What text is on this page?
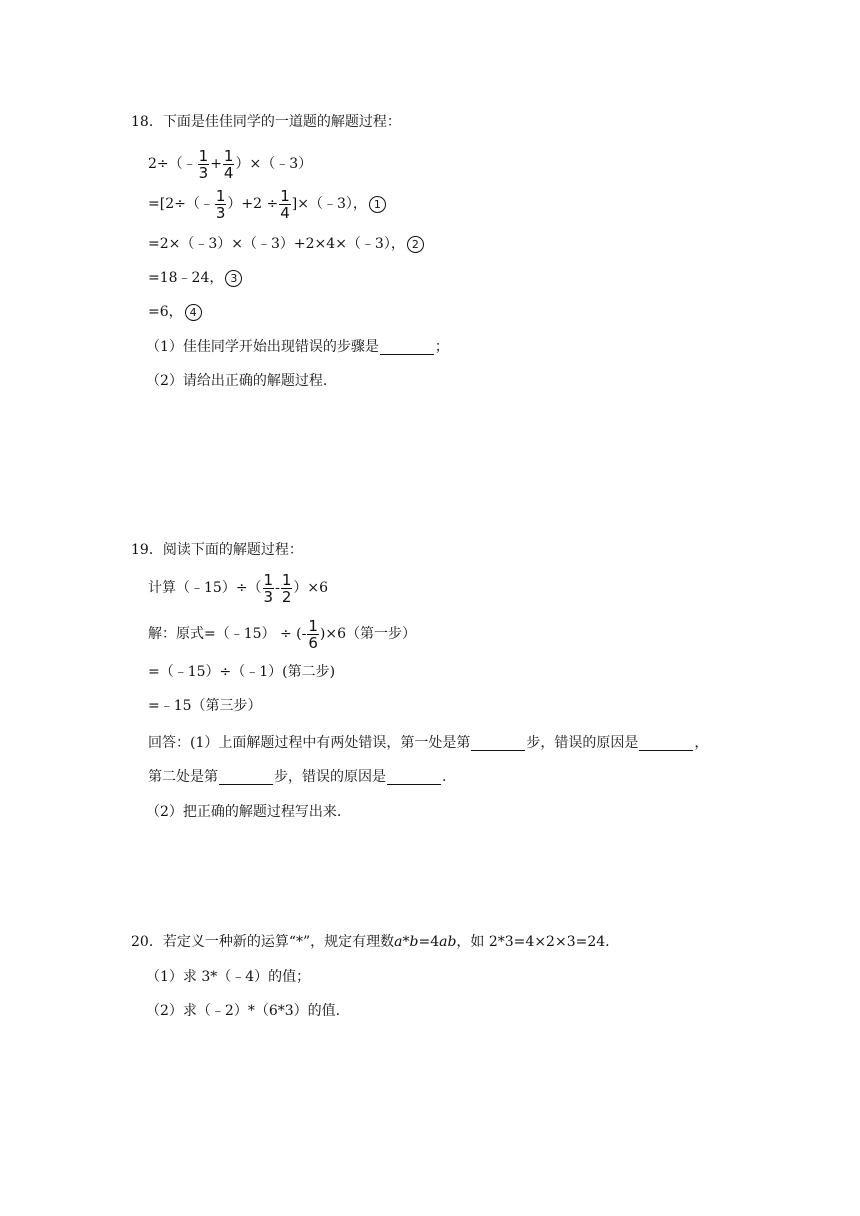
18．下面是佳佳同学的一道题的解题过程：
2÷（﹣ $\frac{1}{3} + \frac{1}{4}$ ）×（﹣3）
=[2÷（﹣ $\frac{1}{3} )+2 \div \frac{1}{4}$ ]×（﹣3）， 1
=2×（﹣3）×（﹣3）+2×4×（﹣3）， 2
=18﹣24， 3
=6， 4
（1）佳佳同学开始出现错误的步骤是	；
（2）请给出正确的解题过程.
19．阅读下面的解题过程：
计算（﹣15）÷（ $\frac{1}{3} - \frac{1}{2} )\times 6$
解：原式=（﹣15） ÷ (- $\frac{1}{6} )\times 6$（第一步）
=（﹣15）÷（﹣1）(第二步)
=﹣15（第三步）
回答：(1）上面解题过程中有两处错误，第一处是第	步，错误的原因是	，
第二处是第	步，错误的原因是	.
（2）把正确的解题过程写出来.
20．若定义一种新的运算“*”，规定有理数 a * b =4 ab ，如 2*3=4×2×3=24.
（1）求 3*（﹣4）的值；
（2）求（﹣2）*（6*3）的值.
